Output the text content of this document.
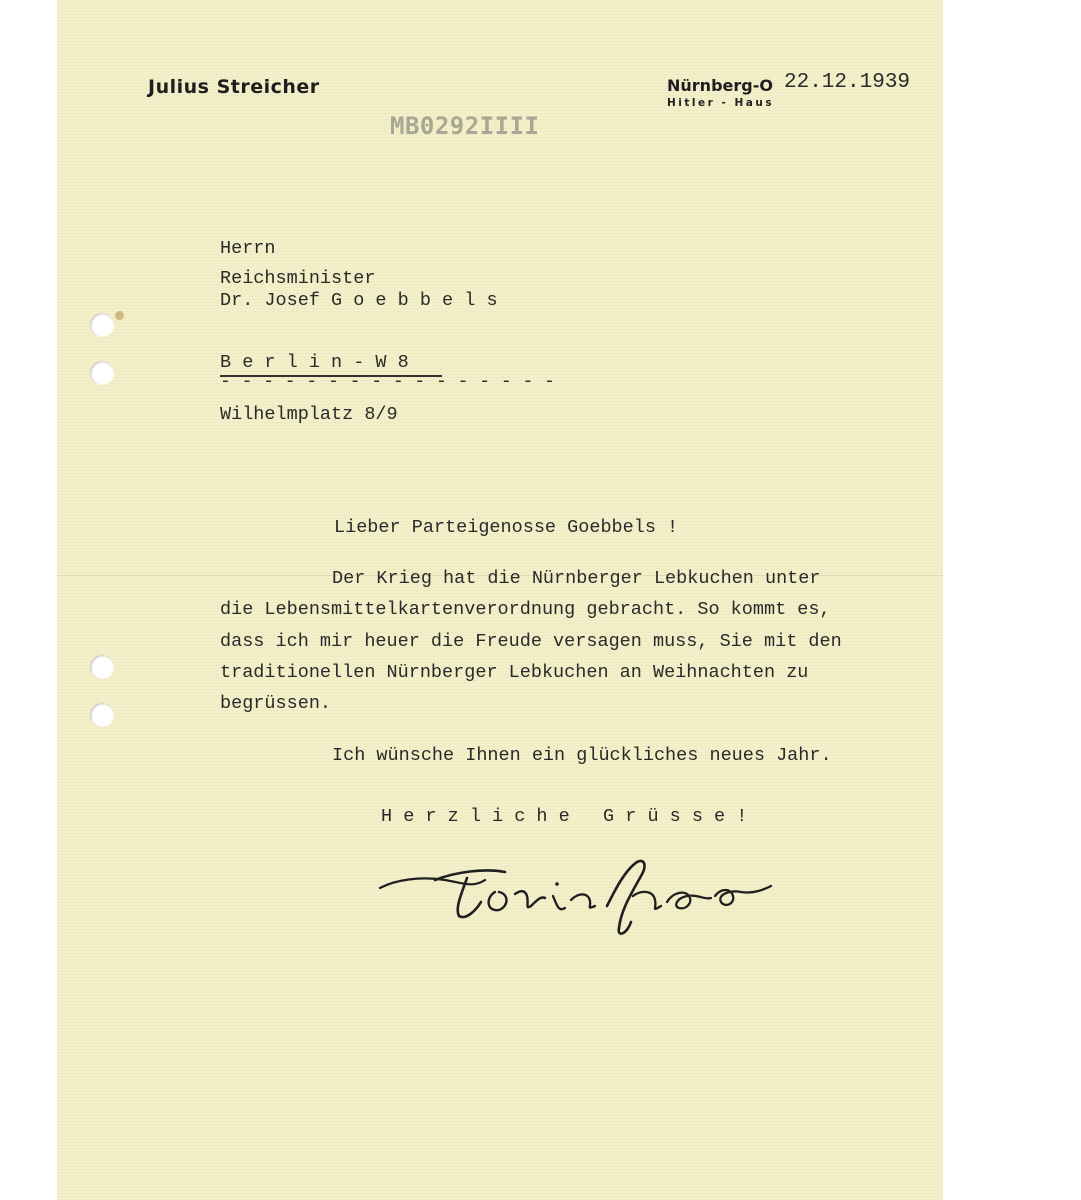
Julius Streicher	Nürnberg-O
Hitler - Haus
22.12.1939
MB0292IIII
Herrn
Reichsminister
Dr. Josef G o e b b e l s
B e r l i n - W 8
- - - - - - - - - - - - - - - -
Wilhelmplatz 8/9
Lieber Parteigenosse Goebbels !
Der Krieg hat die Nürnberger Lebkuchen unter
die Lebensmittelkartenverordnung gebracht. So kommt es,
dass ich mir heuer die Freude versagen muss, Sie mit den
traditionellen Nürnberger Lebkuchen an Weihnachten zu
begrüssen.
Ich wünsche Ihnen ein glückliches neues Jahr.
H e r z l i c h e   G r ü s s e !
